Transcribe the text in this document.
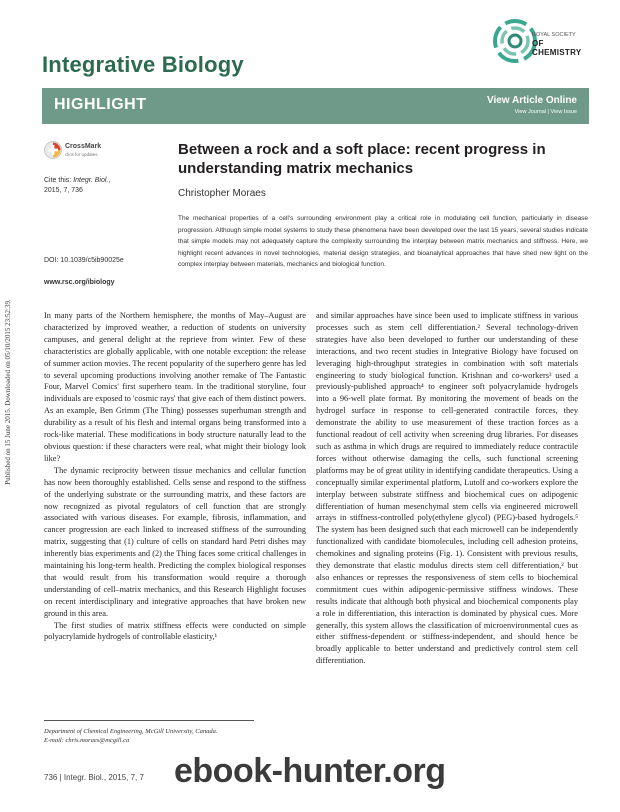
Integrative Biology
ROYAL SOCIETY
OF CHEMISTRY
HIGHLIGHT	View Article Online
View Journal | View Issue
Published on 15 June 2015. Downloaded on 05/10/2015 23:52:39.
CrossMark
click for updates
Cite this: Integr. Biol., 2015, 7, 736
DOI: 10.1039/c5ib90025e
www.rsc.org/ibiology
Between a rock and a soft place: recent progress in understanding matrix mechanics
Christopher Moraes
The mechanical properties of a cell's surrounding environment play a critical role in modulating cell function, particularly in disease progression. Although simple model systems to study these phenomena have been developed over the last 15 years, several studies indicate that simple models may not adequately capture the complexity surrounding the interplay between matrix mechanics and stiffness. Here, we highlight recent advances in novel technologies, material design strategies, and bioanalytical approaches that have shed new light on the complex interplay between materials, mechanics and biological function.

In many parts of the Northern hemisphere, the months of May–August are characterized by improved weather, a reduction of students on university campuses, and general delight at the reprieve from winter. Few of these characteristics are globally applicable, with one notable exception: the release of summer action movies. The recent popularity of the superhero genre has led to several upcoming productions involving another remake of The Fantastic Four, Marvel Comics' first superhero team. In the traditional storyline, four individuals are exposed to 'cosmic rays' that give each of them distinct powers. As an example, Ben Grimm (The Thing) possesses superhuman strength and durability as a result of his flesh and internal organs being transformed into a rock-like material. These modifications in body structure naturally lead to the obvious question: if these characters were real, what might their biology look like?

The dynamic reciprocity between tissue mechanics and cellular function has now been thoroughly established. Cells sense and respond to the stiffness of the underlying substrate or the surrounding matrix, and these factors are now recognized as pivotal regulators of cell function that are strongly associated with various diseases. For example, fibrosis, inflammation, and cancer progression are each linked to increased stiffness of the surrounding matrix, suggesting that (1) culture of cells on standard hard Petri dishes may inherently bias experiments and (2) the Thing faces some critical challenges in maintaining his long-term health. Predicting the complex biological responses that would result from his transformation would require a thorough understanding of cell–matrix mechanics, and this Research Highlight focuses on recent interdisciplinary and integrative approaches that have broken new ground in this area.

The first studies of matrix stiffness effects were conducted on simple polyacrylamide hydrogels of controllable elasticity,¹

and similar approaches have since been used to implicate stiffness in various processes such as stem cell differentiation.² Several technology-driven strategies have also been developed to further our understanding of these interactions, and two recent studies in Integrative Biology have focused on leveraging high-throughput strategies in combination with soft materials engineering to study biological function. Krishnan and co-workers³ used a previously-published approach⁴ to engineer soft polyacrylamide hydrogels into a 96-well plate format. By monitoring the movement of beads on the hydrogel surface in response to cell-generated contractile forces, they demonstrate the ability to use measurement of these traction forces as a functional readout of cell activity when screening drug libraries. For diseases such as asthma in which drugs are required to immediately reduce contractile forces without otherwise damaging the cells, such functional screening platforms may be of great utility in identifying candidate therapeutics. Using a conceptually similar experimental platform, Lutolf and co-workers explore the interplay between substrate stiffness and biochemical cues on adipogenic differentiation of human mesenchymal stem cells via engineered microwell arrays in stiffness-controlled poly(ethylene glycol) (PEG)-based hydrogels.⁵ The system has been designed such that each microwell can be independently functionalized with candidate biomolecules, including cell adhesion proteins, chemokines and signaling proteins (Fig. 1). Consistent with previous results, they demonstrate that elastic modulus directs stem cell differentiation,² but also enhances or represses the responsiveness of stem cells to biochemical commitment cues within adipogenic-permissive stiffness windows. These results indicate that although both physical and biochemical components play a role in differentiation, this interaction is dominated by physical cues. More generally, this system allows the classification of microenvironmental cues as either stiffness-dependent or stiffness-independent, and should hence be broadly applicable to better understand and predictively control stem cell differentiation.

Department of Chemical Engineering, McGill University, Canada.
E-mail: chris.moraes@mcgill.ca
736 | Integr. Biol., 2015, 7, 7 ebook-hunter.org
